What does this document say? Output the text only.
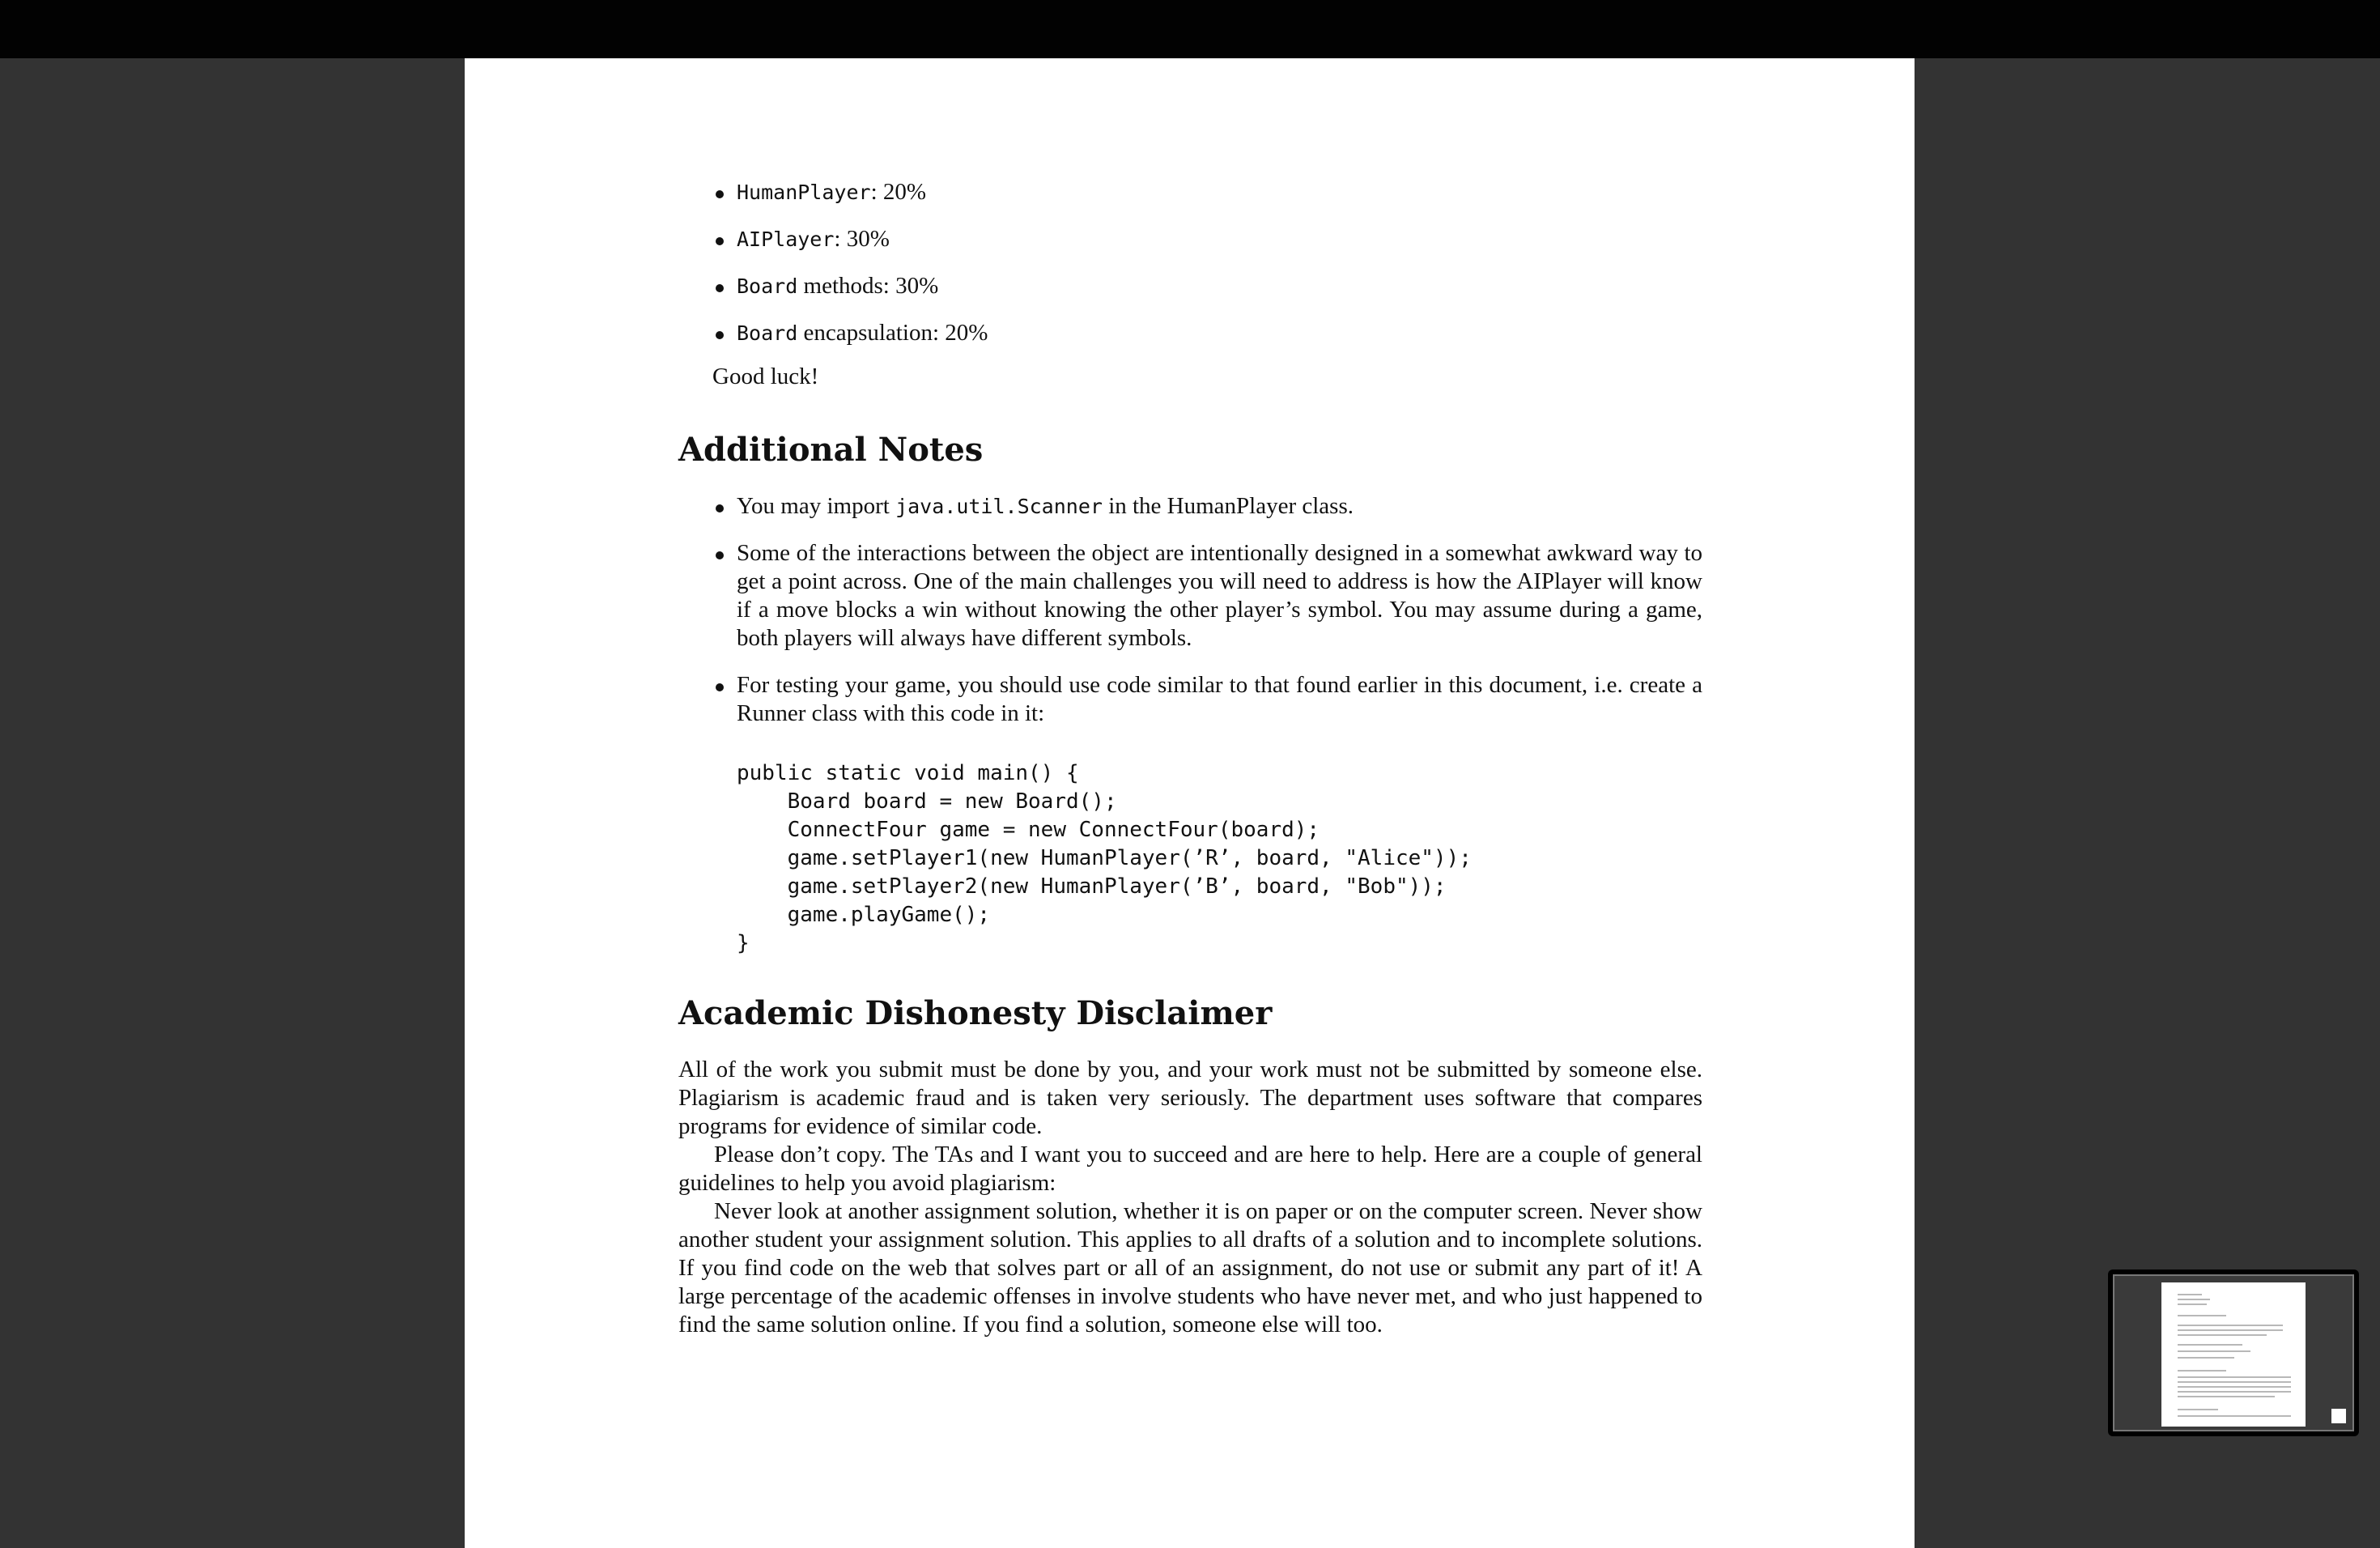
HumanPlayer: 20%
AIPlayer: 30%
Board methods: 30%
Board encapsulation: 20%
Good luck!
Additional Notes
You may import java.util.Scanner in the HumanPlayer class.
Some of the interactions between the object are intentionally designed in a somewhat awkward way to get a point across. One of the main challenges you will need to address is how the AIPlayer will know if a move blocks a win without knowing the other player’s symbol. You may assume during a game, both players will always have different symbols.
For testing your game, you should use code similar to that found earlier in this document, i.e. create a Runner class with this code in it:
public static void main() {
Board board = new Board();
ConnectFour game = new ConnectFour(board);
game.setPlayer1(new HumanPlayer(’R’, board, "Alice"));
game.setPlayer2(new HumanPlayer(’B’, board, "Bob"));
game.playGame();
}
Academic Dishonesty Disclaimer

All of the work you submit must be done by you, and your work must not be submitted by someone else. Plagiarism is academic fraud and is taken very seriously. The department uses software that compares programs for evidence of similar code.

Please don’t copy. The TAs and I want you to succeed and are here to help. Here are a couple of general guidelines to help you avoid plagiarism:

Never look at another assignment solution, whether it is on paper or on the computer screen. Never show another student your assignment solution. This applies to all drafts of a solution and to incomplete solutions. If you find code on the web that solves part or all of an assignment, do not use or submit any part of it! A large percentage of the academic offenses in involve students who have never met, and who just happened to find the same solution online. If you find a solution, someone else will too.
